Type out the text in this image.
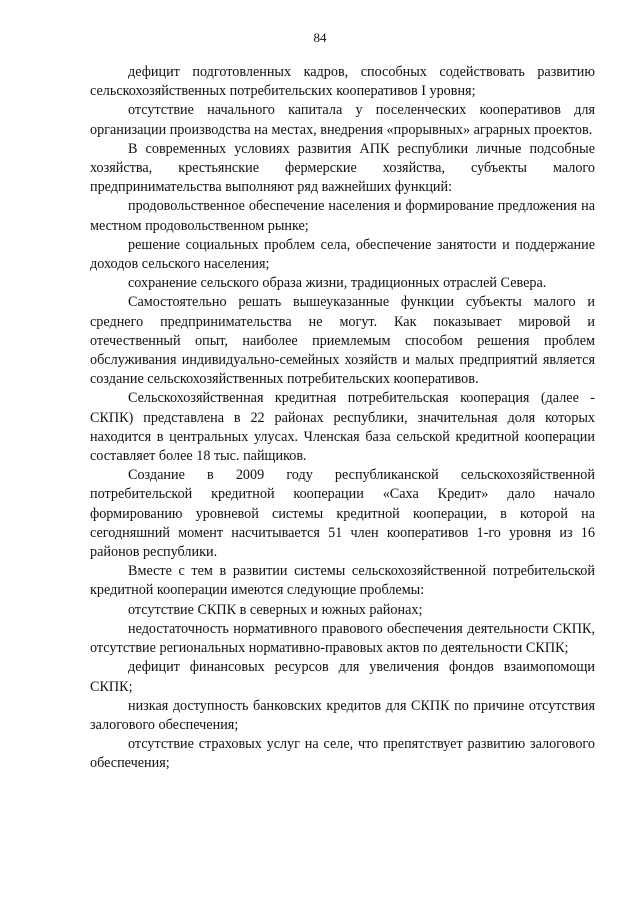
84

дефицит подготовленных кадров, способных содействовать развитию сельскохозяйственных потребительских кооперативов I уровня;

отсутствие начального капитала у поселенческих кооперативов для организации производства на местах, внедрения «прорывных» аграрных проектов.

В современных условиях развития АПК республики личные подсобные хозяйства, крестьянские фермерские хозяйства, субъекты малого предпринимательства выполняют ряд важнейших функций:

продовольственное обеспечение населения и формирование предложения на местном продовольственном рынке;

решение социальных проблем села, обеспечение занятости и поддержание доходов сельского населения;

сохранение сельского образа жизни, традиционных отраслей Севера.

Самостоятельно решать вышеуказанные функции субъекты малого и среднего предпринимательства не могут. Как показывает мировой и отечественный опыт, наиболее приемлемым способом решения проблем обслуживания индивидуально-семейных хозяйств и малых предприятий является создание сельскохозяйственных потребительских кооперативов.

Сельскохозяйственная кредитная потребительская кооперация (далее - СКПК) представлена в 22 районах республики, значительная доля которых находится в центральных улусах. Членская база сельской кредитной кооперации составляет более 18 тыс. пайщиков.

Создание в 2009 году республиканской сельскохозяйственной потребительской кредитной кооперации «Саха Кредит» дало начало формированию уровневой системы кредитной кооперации, в которой на сегодняшний момент насчитывается 51 член кооперативов 1-го уровня из 16 районов республики.

Вместе с тем в развитии системы сельскохозяйственной потребительской кредитной кооперации имеются следующие проблемы:

отсутствие СКПК в северных и южных районах;

недостаточность нормативного правового обеспечения деятельности СКПК, отсутствие региональных нормативно-правовых актов по деятельности СКПК;

дефицит финансовых ресурсов для увеличения фондов взаимопомощи СКПК;

низкая доступность банковских кредитов для СКПК по причине отсутствия залогового обеспечения;

отсутствие страховых услуг на селе, что препятствует развитию залогового обеспечения;
